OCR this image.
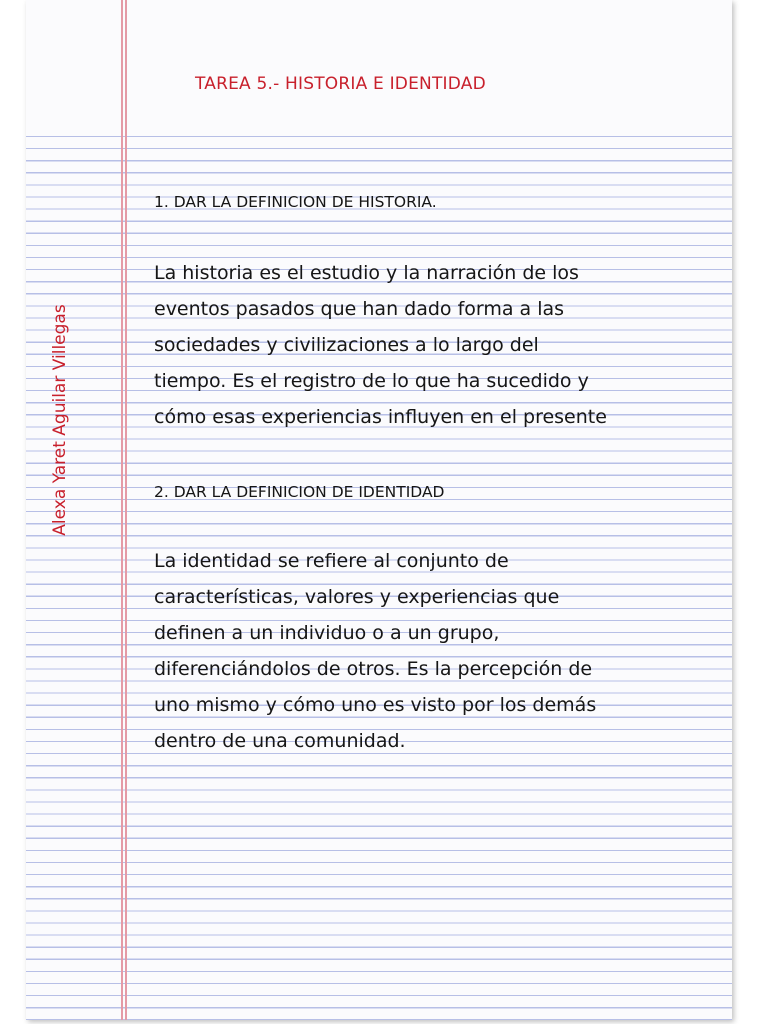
TAREA 5.- HISTORIA E IDENTIDAD
Alexa Yaret Aguilar Villegas

1. DAR LA DEFINICION DE HISTORIA.

La historia es el estudio y la narración de los
eventos pasados que han dado forma a las
sociedades y civilizaciones a lo largo del
tiempo. Es el registro de lo que ha sucedido y
cómo esas experiencias influyen en el presente

2. DAR LA DEFINICION DE IDENTIDAD

La identidad se refiere al conjunto de
características, valores y experiencias que
definen a un individuo o a un grupo,
diferenciándolos de otros. Es la percepción de
uno mismo y cómo uno es visto por los demás
dentro de una comunidad.
